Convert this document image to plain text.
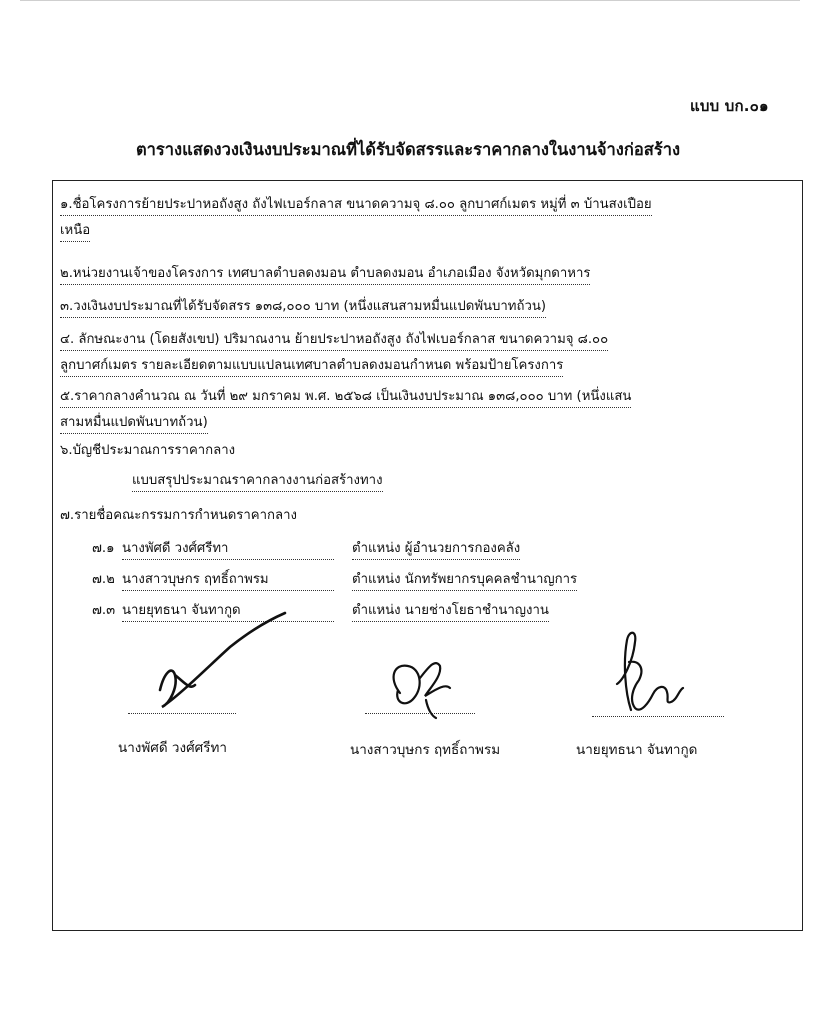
แบบ บก.๐๑
ตารางแสดงวงเงินงบประมาณที่ได้รับจัดสรรและราคากลางในงานจ้างก่อสร้าง
๑.ชื่อโครงการย้ายประปาหอถังสูง ถังไฟเบอร์กลาส ขนาดความจุ ๘.๐๐ ลูกบาศก์เมตร หมู่ที่ ๓ บ้านสงเปือย
เหนือ
๒.หน่วยงานเจ้าของโครงการ เทศบาลตำบลดงมอน ตำบลดงมอน อำเภอเมือง จังหวัดมุกดาหาร
๓.วงเงินงบประมาณที่ได้รับจัดสรร ๑๓๘,๐๐๐ บาท (หนึ่งแสนสามหมื่นแปดพันบาทถ้วน)
๔. ลักษณะงาน (โดยสังเขป) ปริมาณงาน ย้ายประปาหอถังสูง ถังไฟเบอร์กลาส ขนาดความจุ ๘.๐๐
ลูกบาศก์เมตร รายละเอียดตามแบบแปลนเทศบาลตำบลดงมอนกำหนด พร้อมป้ายโครงการ
๕.ราคากลางคำนวณ ณ วันที่ ๒๙ มกราคม พ.ศ. ๒๕๖๘ เป็นเงินงบประมาณ ๑๓๘,๐๐๐ บาท (หนึ่งแสน
สามหมื่นแปดพันบาทถ้วน)
๖.บัญชีประมาณการราคากลาง
แบบสรุปประมาณราคากลางงานก่อสร้างทาง
๗.รายชื่อคณะกรรมการกำหนดราคากลาง
๗.๑ นางพัศดี วงศ์ศรีทา	ตำแหน่ง ผู้อำนวยการกองคลัง
๗.๒ นางสาวบุษกร ฤทธิ์ถาพรม	ตำแหน่ง นักทรัพยากรบุคคลชำนาญการ
๗.๓ นายยุทธนา จันทากูด	ตำแหน่ง นายช่างโยธาชำนาญงาน
นางพัศดี วงศ์ศรีทา	นางสาวบุษกร ฤทธิ์ถาพรม	นายยุทธนา จันทากูด
